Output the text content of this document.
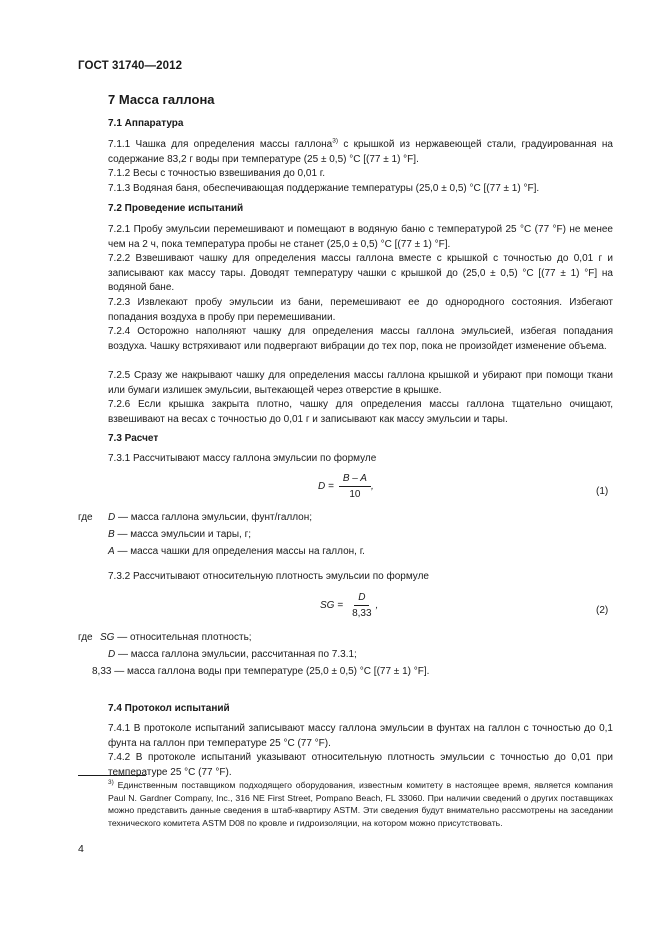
ГОСТ 31740—2012
7 Масса галлона
7.1 Аппаратура
7.1.1 Чашка для определения массы галлона$^{3)}$ с крышкой из нержавеющей стали, градуированная на содержание 83,2 г воды при температуре (25 ± 0,5) °С [(77 ± 1) °F].
7.1.2 Весы с точностью взвешивания до 0,01 г.
7.1.3 Водяная баня, обеспечивающая поддержание температуры (25,0 ± 0,5) °С [(77 ± 1) °F].
7.2 Проведение испытаний
7.2.1 Пробу эмульсии перемешивают и помещают в водяную баню с температурой 25 °С (77 °F) не менее чем на 2 ч, пока температура пробы не станет (25,0 ± 0,5) °С [(77 ± 1) °F].
7.2.2 Взвешивают чашку для определения массы галлона вместе с крышкой с точностью до 0,01 г и записывают как массу тары. Доводят температуру чашки с крышкой до (25,0 ± 0,5) °С [(77 ± 1) °F] на водяной бане.
7.2.3 Извлекают пробу эмульсии из бани, перемешивают ее до однородного состояния. Избегают попадания воздуха в пробу при перемешивании.
7.2.4 Осторожно наполняют чашку для определения массы галлона эмульсией, избегая попадания воздуха. Чашку встряхивают или подвергают вибрации до тех пор, пока не произойдет изменение объема.
7.2.5 Сразу же накрывают чашку для определения массы галлона крышкой и убирают при помощи ткани или бумаги излишек эмульсии, вытекающей через отверстие в крышке.
7.2.6 Если крышка закрыта плотно, чашку для определения массы галлона тщательно очищают, взвешивают на весах с точностью до 0,01 г и записывают как массу эмульсии и тары.
7.3 Расчет
7.3.1 Рассчитывают массу галлона эмульсии по формуле
$D = \frac{B - A}{10}$ ,	(1)
где D — масса галлона эмульсии, фунт/галлон;
B — масса эмульсии и тары, г;
A — масса чашки для определения массы на галлон, г.
7.3.2 Рассчитывают относительную плотность эмульсии по формуле
SG = $\frac{D}{8,33}$ ,	(2)
где SG — относительная плотность;
D — масса галлона эмульсии, рассчитанная по 7.3.1;
8,33 — масса галлона воды при температуре (25,0 ± 0,5) °С [(77 ± 1) °F].
7.4 Протокол испытаний
7.4.1 В протоколе испытаний записывают массу галлона эмульсии в фунтах на галлон с точностью до 0,1 фунта на галлон при температуре 25 °С (77 °F).
7.4.2 В протоколе испытаний указывают относительную плотность эмульсии с точностью до 0,01 при температуре 25 °С (77 °F).
$^{3)}$ Единственным поставщиком подходящего оборудования, известным комитету в настоящее время, является компания Paul N. Gardner Company, Inc., 316 NE First Street, Pompano Beach, FL 33060. При наличии сведений о других поставщиках можно представить данные сведения в штаб-квартиру ASTM. Эти сведения будут внимательно рассмотрены на заседании технического комитета ASTM D08 по кровле и гидроизоляции, на котором можно присутствовать.
4
